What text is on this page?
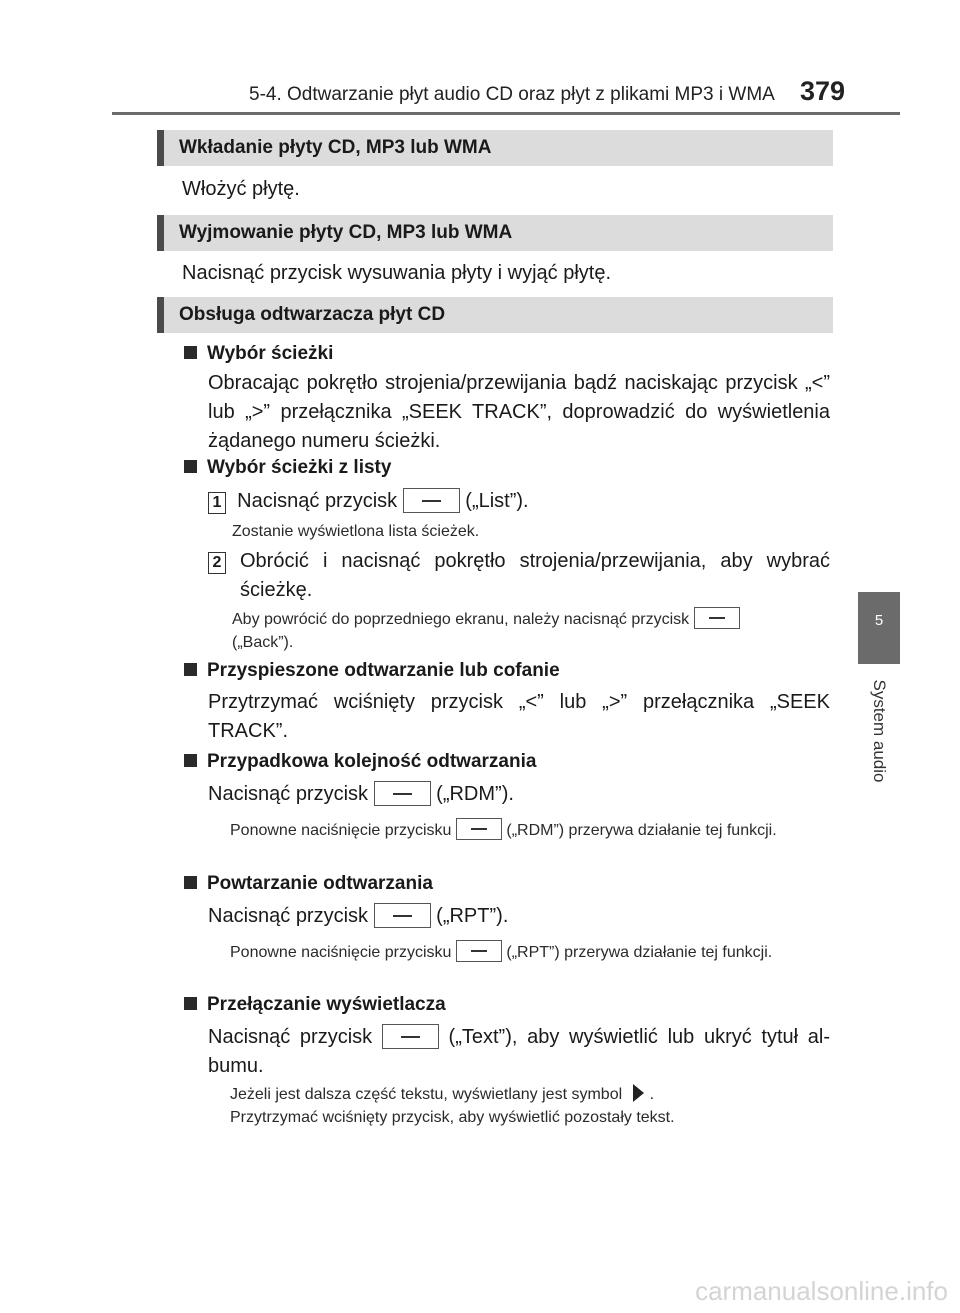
5-4. Odtwarzanie płyt audio CD oraz płyt z plikami MP3 i WMA 379
5
System audio
Wkładanie płyty CD, MP3 lub WMA
Włożyć płytę.
Wyjmowanie płyty CD, MP3 lub WMA
Nacisnąć przycisk wysuwania płyty i wyjąć płytę.
Obsługa odtwarzacza płyt CD
Wybór ścieżki
Obracając pokrętło strojenia/przewijania bądź naciskając przycisk „<” lub „>” przełącznika „SEEK TRACK”, doprowadzić do wyświetlenia żądanego numeru ścieżki.
Wybór ścieżki z listy
1 Nacisnąć przycisk	(„List”).
Zostanie wyświetlona lista ścieżek.
2 Obrócić i nacisnąć pokrętło strojenia/przewijania, aby wybrać ścieżkę.
Aby powrócić do poprzedniego ekranu, należy nacisnąć przycisk
(„Back”).
Przyspieszone odtwarzanie lub cofanie
Przytrzymać wciśnięty przycisk „<” lub „>” przełącznika „SEEK TRACK”.
Przypadkowa kolejność odtwarzania
Nacisnąć przycisk	(„RDM”).
Ponowne naciśnięcie przycisku	(„RDM”) przerywa działanie tej funkcji.
Powtarzanie odtwarzania
Nacisnąć przycisk	(„RPT”).
Ponowne naciśnięcie przycisku	(„RPT”) przerywa działanie tej funkcji.
Przełączanie wyświetlacza
Nacisnąć przycisk	(„Text”), aby wyświetlić lub ukryć tytuł al-bumu.
Jeżeli jest dalsza część tekstu, wyświetlany jest symbol .
Przytrzymać wciśnięty przycisk, aby wyświetlić pozostały tekst.
carmanualsonline.info
